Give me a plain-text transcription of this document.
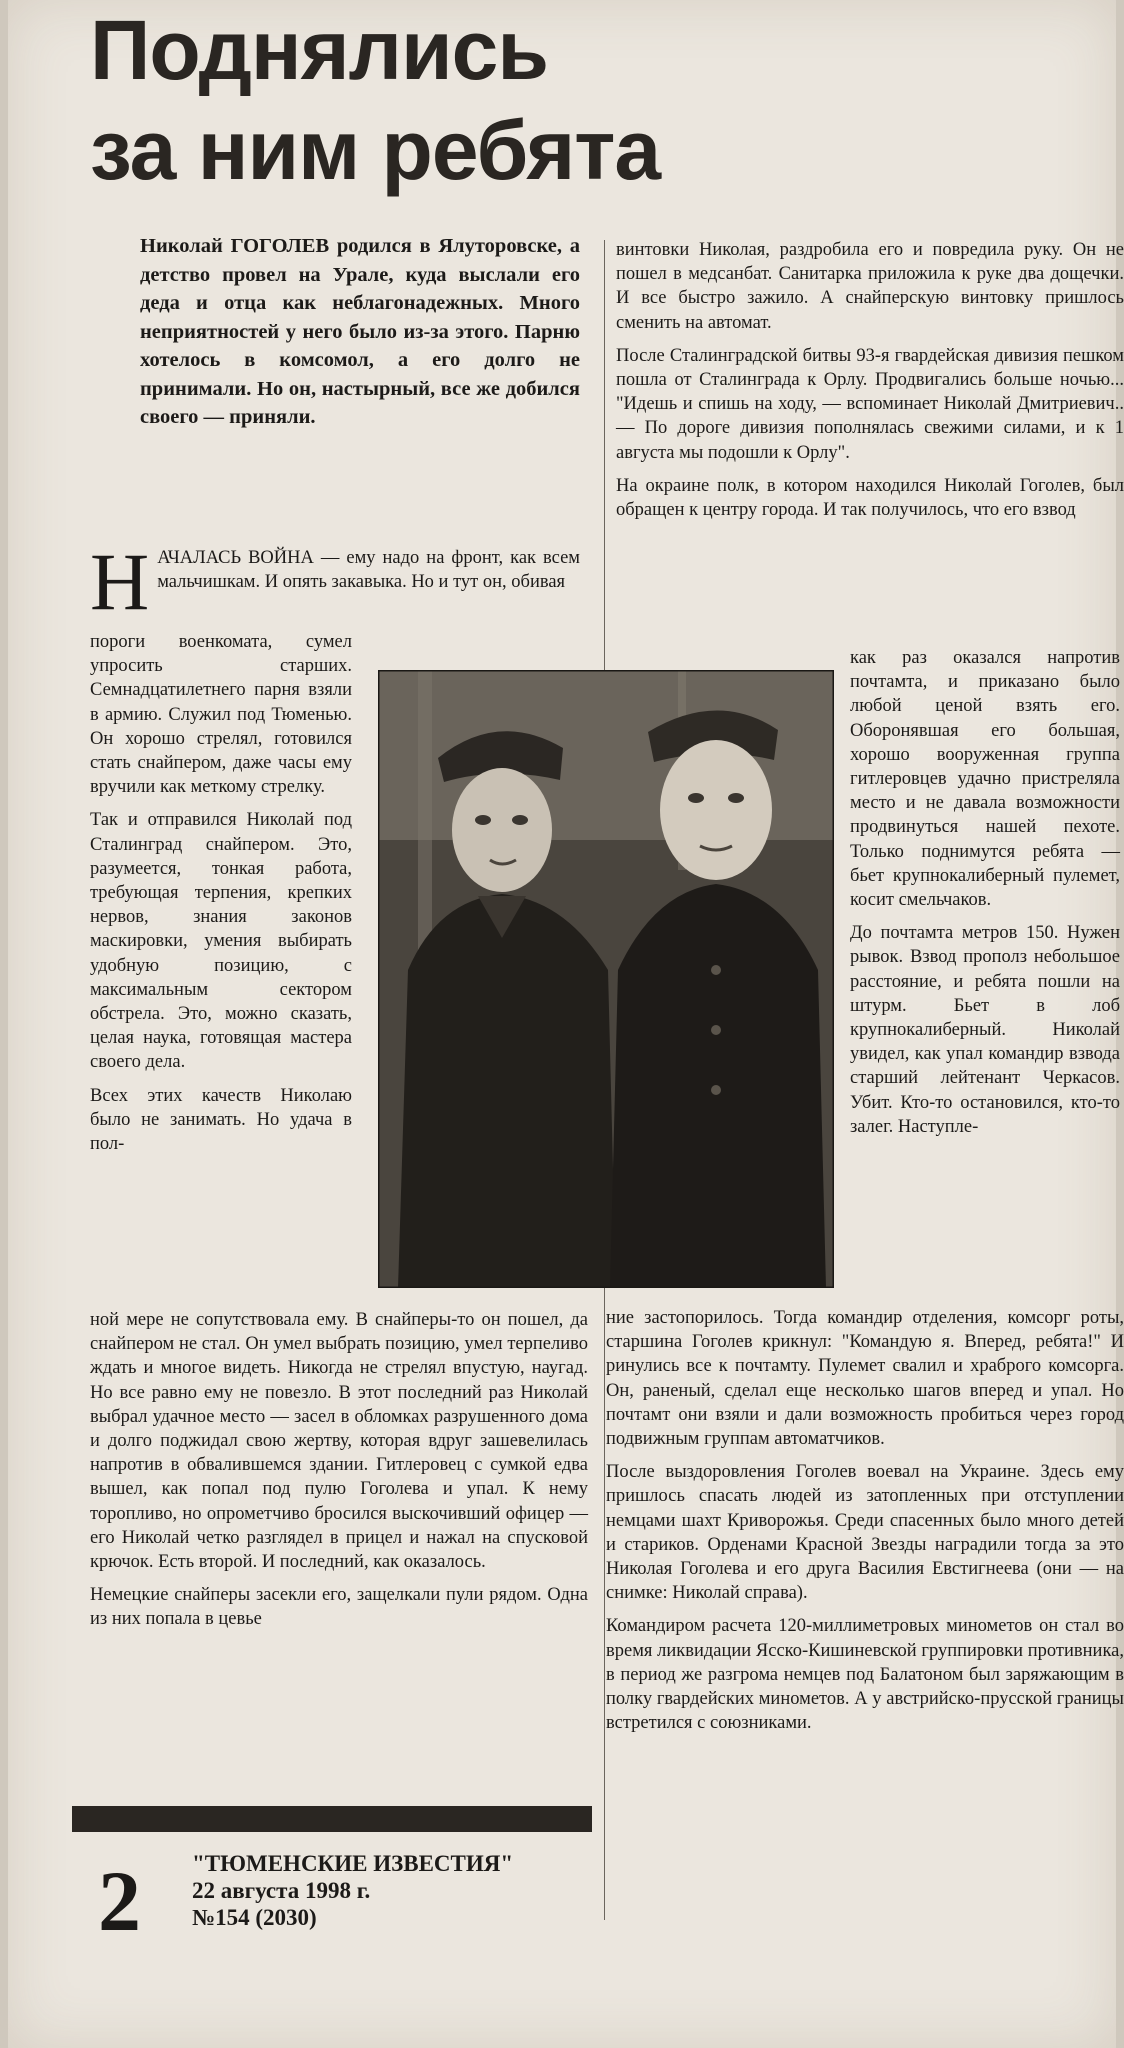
Поднялись
за ним ребята
Николай ГОГОЛЕВ родился в Ялуторовске, а детство провел на Урале, куда выслали его деда и отца как неблагонадежных. Много неприятностей у него было из-за этого. Парню хотелось в комсомол, а его долго не принимали. Но он, настырный, все же добился своего — приняли.

НАЧАЛАСЬ ВОЙНА — ему надо на фронт, как всем мальчишкам. И опять закавыка. Но и тут он, обивая

пороги военкомата, сумел упросить старших. Семнадцатилетнего парня взяли в армию. Служил под Тюменью. Он хорошо стрелял, готовился стать снайпером, даже часы ему вручили как меткому стрелку.

Так и отправился Николай под Сталинград снайпером. Это, разумеется, тонкая работа, требующая терпения, крепких нервов, знания законов маскировки, умения выбирать удобную позицию, с максимальным сектором обстрела. Это, можно сказать, целая наука, готовящая мастера своего дела.

Всех этих качеств Николаю было не занимать. Но удача в пол-

ной мере не сопутствовала ему. В снайперы-то он пошел, да снайпером не стал. Он умел выбрать позицию, умел терпеливо ждать и многое видеть. Никогда не стрелял впустую, наугад. Но все равно ему не повезло. В этот последний раз Николай выбрал удачное место — засел в обломках разрушенного дома и долго поджидал свою жертву, которая вдруг зашевелилась напротив в обвалившемся здании. Гитлеровец с сумкой едва вышел, как попал под пулю Гоголева и упал. К нему торопливо, но опрометчиво бросился выскочивший офицер — его Николай четко разглядел в прицел и нажал на спусковой крючок. Есть второй. И последний, как оказалось.

Немецкие снайперы засекли его, защелкали пули рядом. Одна из них попала в цевье

винтовки Николая, раздробила его и повредила руку. Он не пошел в медсанбат. Санитарка приложила к руке два дощечки. И все быстро зажило. А снайперскую винтовку пришлось сменить на автомат.

После Сталинградской битвы 93-я гвардейская дивизия пешком пошла от Сталинграда к Орлу. Продвигались больше ночью... "Идешь и спишь на ходу, — вспоминает Николай Дмитриевич.. — По дороге дивизия пополнялась свежими силами, и к 1 августа мы подошли к Орлу".

На окраине полк, в котором находился Николай Гоголев, был обращен к центру города. И так получилось, что его взвод

как раз оказался напротив почтамта, и приказано было любой ценой взять его. Оборонявшая его большая, хорошо вооруженная группа гитлеровцев удачно пристреляла место и не давала возможности продвинуться нашей пехоте. Только поднимутся ребята — бьет крупнокалиберный пулемет, косит смельчаков.

До почтамта метров 150. Нужен рывок. Взвод прополз небольшое расстояние, и ребята пошли на штурм. Бьет в лоб крупнокалиберный. Николай увидел, как упал командир взвода старший лейтенант Черкасов. Убит. Кто-то остановился, кто-то залег. Наступле-

ние застопорилось. Тогда командир отделения, комсорг роты, старшина Гоголев крикнул: "Командую я. Вперед, ребята!" И ринулись все к почтамту. Пулемет свалил и храброго комсорга. Он, раненый, сделал еще несколько шагов вперед и упал. Но почтамт они взяли и дали возможность пробиться через город подвижным группам автоматчиков.

После выздоровления Гоголев воевал на Украине. Здесь ему пришлось спасать людей из затопленных при отступлении немцами шахт Криворожья. Среди спасенных было много детей и стариков. Орденами Красной Звезды наградили тогда за это Николая Гоголева и его друга Василия Евстигнеева (они — на снимке: Николай справа).

Командиром расчета 120-миллиметровых минометов он стал во время ликвидации Ясско-Кишиневской группировки противника, в период же разгрома немцев под Балатоном был заряжающим в полку гвардейских минометов. А у австрийско-прусской границы встретился с союзниками.

2 "ТЮМЕНСКИЕ ИЗВЕСТИЯ"
22 августа 1998 г.
№154 (2030)
